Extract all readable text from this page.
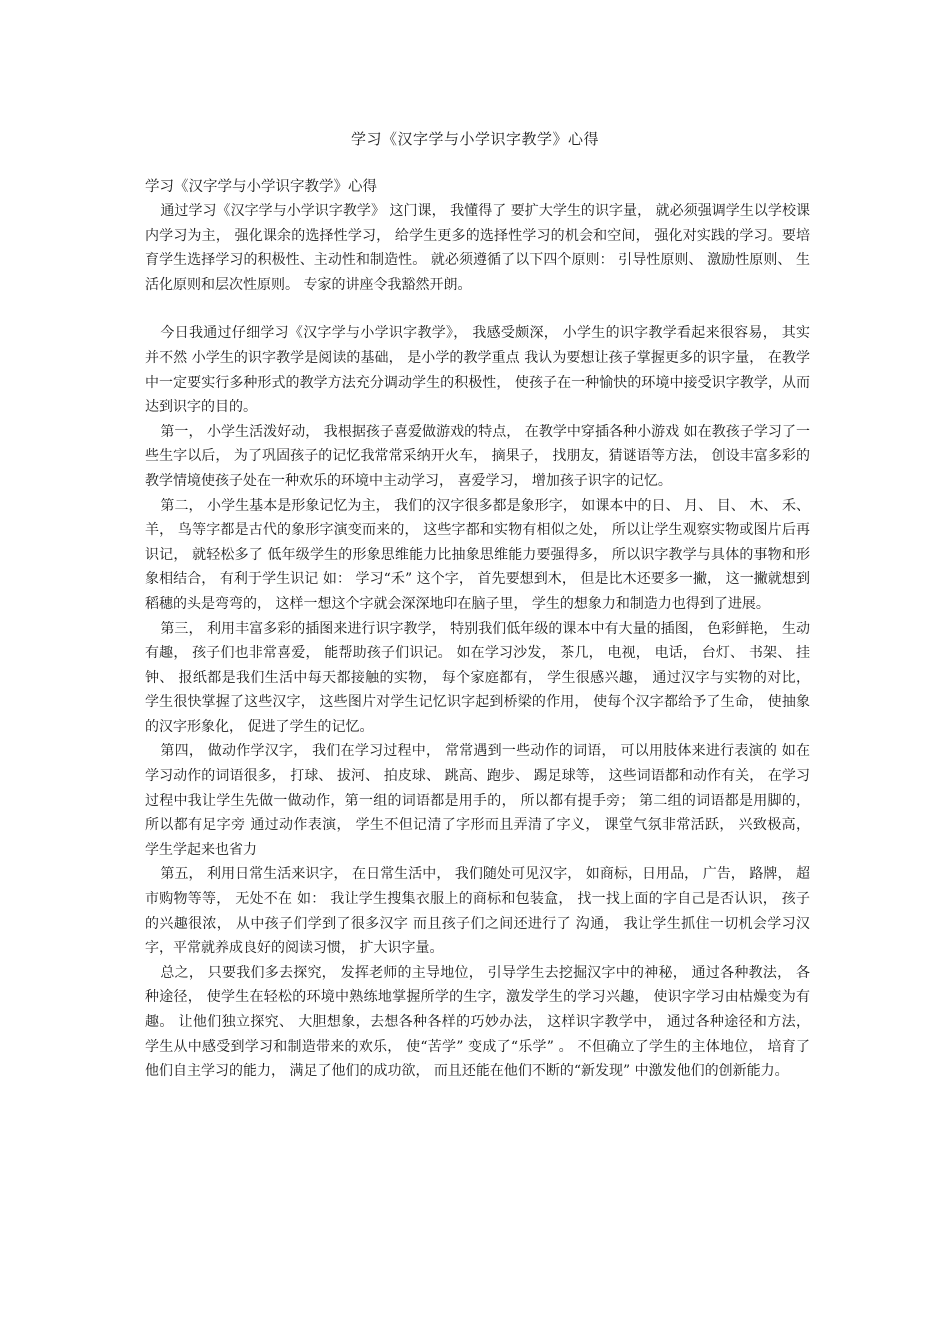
学习《汉字学与小学识字教学》心得

学习《汉字学与小学识字教学》心得

通过学习《汉字学与小学识字教学》 这门课， 我懂得了 要扩大学生的识字量， 就必须强调学生以学校课内学习为主， 强化课余的选择性学习， 给学生更多的选择性学习的机会和空间， 强化对实践的学习。要培育学生选择学习的积极性、主动性和制造性。 就必须遵循了以下四个原则： 引导性原则、 激励性原则、 生活化原则和层次性原则。 专家的讲座令我豁然开朗。

今日我通过仔细学习《汉字学与小学识字教学》， 我感受颇深， 小学生的识字教学看起来很容易， 其实并不然 小学生的识字教学是阅读的基础， 是小学的教学重点 我认为要想让孩子掌握更多的识字量， 在教学中一定要实行多种形式的教学方法充分调动学生的积极性， 使孩子在一种愉快的环境中接受识字教学，从而达到识字的目的。

第一， 小学生活泼好动， 我根据孩子喜爱做游戏的特点， 在教学中穿插各种小游戏 如在教孩子学习了一些生字以后， 为了巩固孩子的记忆我常常采纳开火车， 摘果子， 找朋友，猜谜语等方法， 创设丰富多彩的教学情境使孩子处在一种欢乐的环境中主动学习， 喜爱学习， 增加孩子识字的记忆。

第二， 小学生基本是形象记忆为主， 我们的汉字很多都是象形字， 如课本中的日、 月、 目、 木、 禾、 羊， 鸟等字都是古代的象形字演变而来的， 这些字都和实物有相似之处， 所以让学生观察实物或图片后再识记， 就轻松多了 低年级学生的形象思维能力比抽象思维能力要强得多， 所以识字教学与具体的事物和形象相结合， 有利于学生识记 如： 学习“禾” 这个字， 首先要想到木， 但是比木还要多一撇， 这一撇就想到稻穗的头是弯弯的， 这样一想这个字就会深深地印在脑子里， 学生的想象力和制造力也得到了进展。

第三， 利用丰富多彩的插图来进行识字教学， 特别我们低年级的课本中有大量的插图， 色彩鲜艳， 生动有趣， 孩子们也非常喜爱， 能帮助孩子们识记。 如在学习沙发， 茶几， 电视， 电话， 台灯、 书架、 挂钟、 报纸都是我们生活中每天都接触的实物， 每个家庭都有， 学生很感兴趣， 通过汉字与实物的对比， 学生很快掌握了这些汉字， 这些图片对学生记忆识字起到桥梁的作用， 使每个汉字都给予了生命， 使抽象的汉字形象化， 促进了学生的记忆。

第四， 做动作学汉字， 我们在学习过程中， 常常遇到一些动作的词语， 可以用肢体来进行表演的 如在学习动作的词语很多， 打球、 拔河、 拍皮球、 跳高、跑步、 踢足球等， 这些词语都和动作有关， 在学习过程中我让学生先做一做动作，第一组的词语都是用手的， 所以都有提手旁； 第二组的词语都是用脚的， 所以都有足字旁 通过动作表演， 学生不但记清了字形而且弄清了字义， 课堂气氛非常活跃， 兴致极高， 学生学起来也省力

第五， 利用日常生活来识字， 在日常生活中， 我们随处可见汉字， 如商标，日用品， 广告， 路牌， 超市购物等等， 无处不在 如： 我让学生搜集衣服上的商标和包装盒， 找一找上面的字自己是否认识， 孩子的兴趣很浓， 从中孩子们学到了很多汉字 而且孩子们之间还进行了 沟通， 我让学生抓住一切机会学习汉字，平常就养成良好的阅读习惯， 扩大识字量。

总之， 只要我们多去探究， 发挥老师的主导地位， 引导学生去挖掘汉字中的神秘， 通过各种教法， 各种途径， 使学生在轻松的环境中熟练地掌握所学的生字，激发学生的学习兴趣， 使识字学习由枯燥变为有趣。 让他们独立探究、 大胆想象，去想各种各样的巧妙办法， 这样识字教学中， 通过各种途径和方法， 学生从中感受到学习和制造带来的欢乐， 使“苦学” 变成了“乐学” 。 不但确立了学生的主体地位， 培育了他们自主学习的能力， 满足了他们的成功欲， 而且还能在他们不断的“新发现” 中激发他们的创新能力。
